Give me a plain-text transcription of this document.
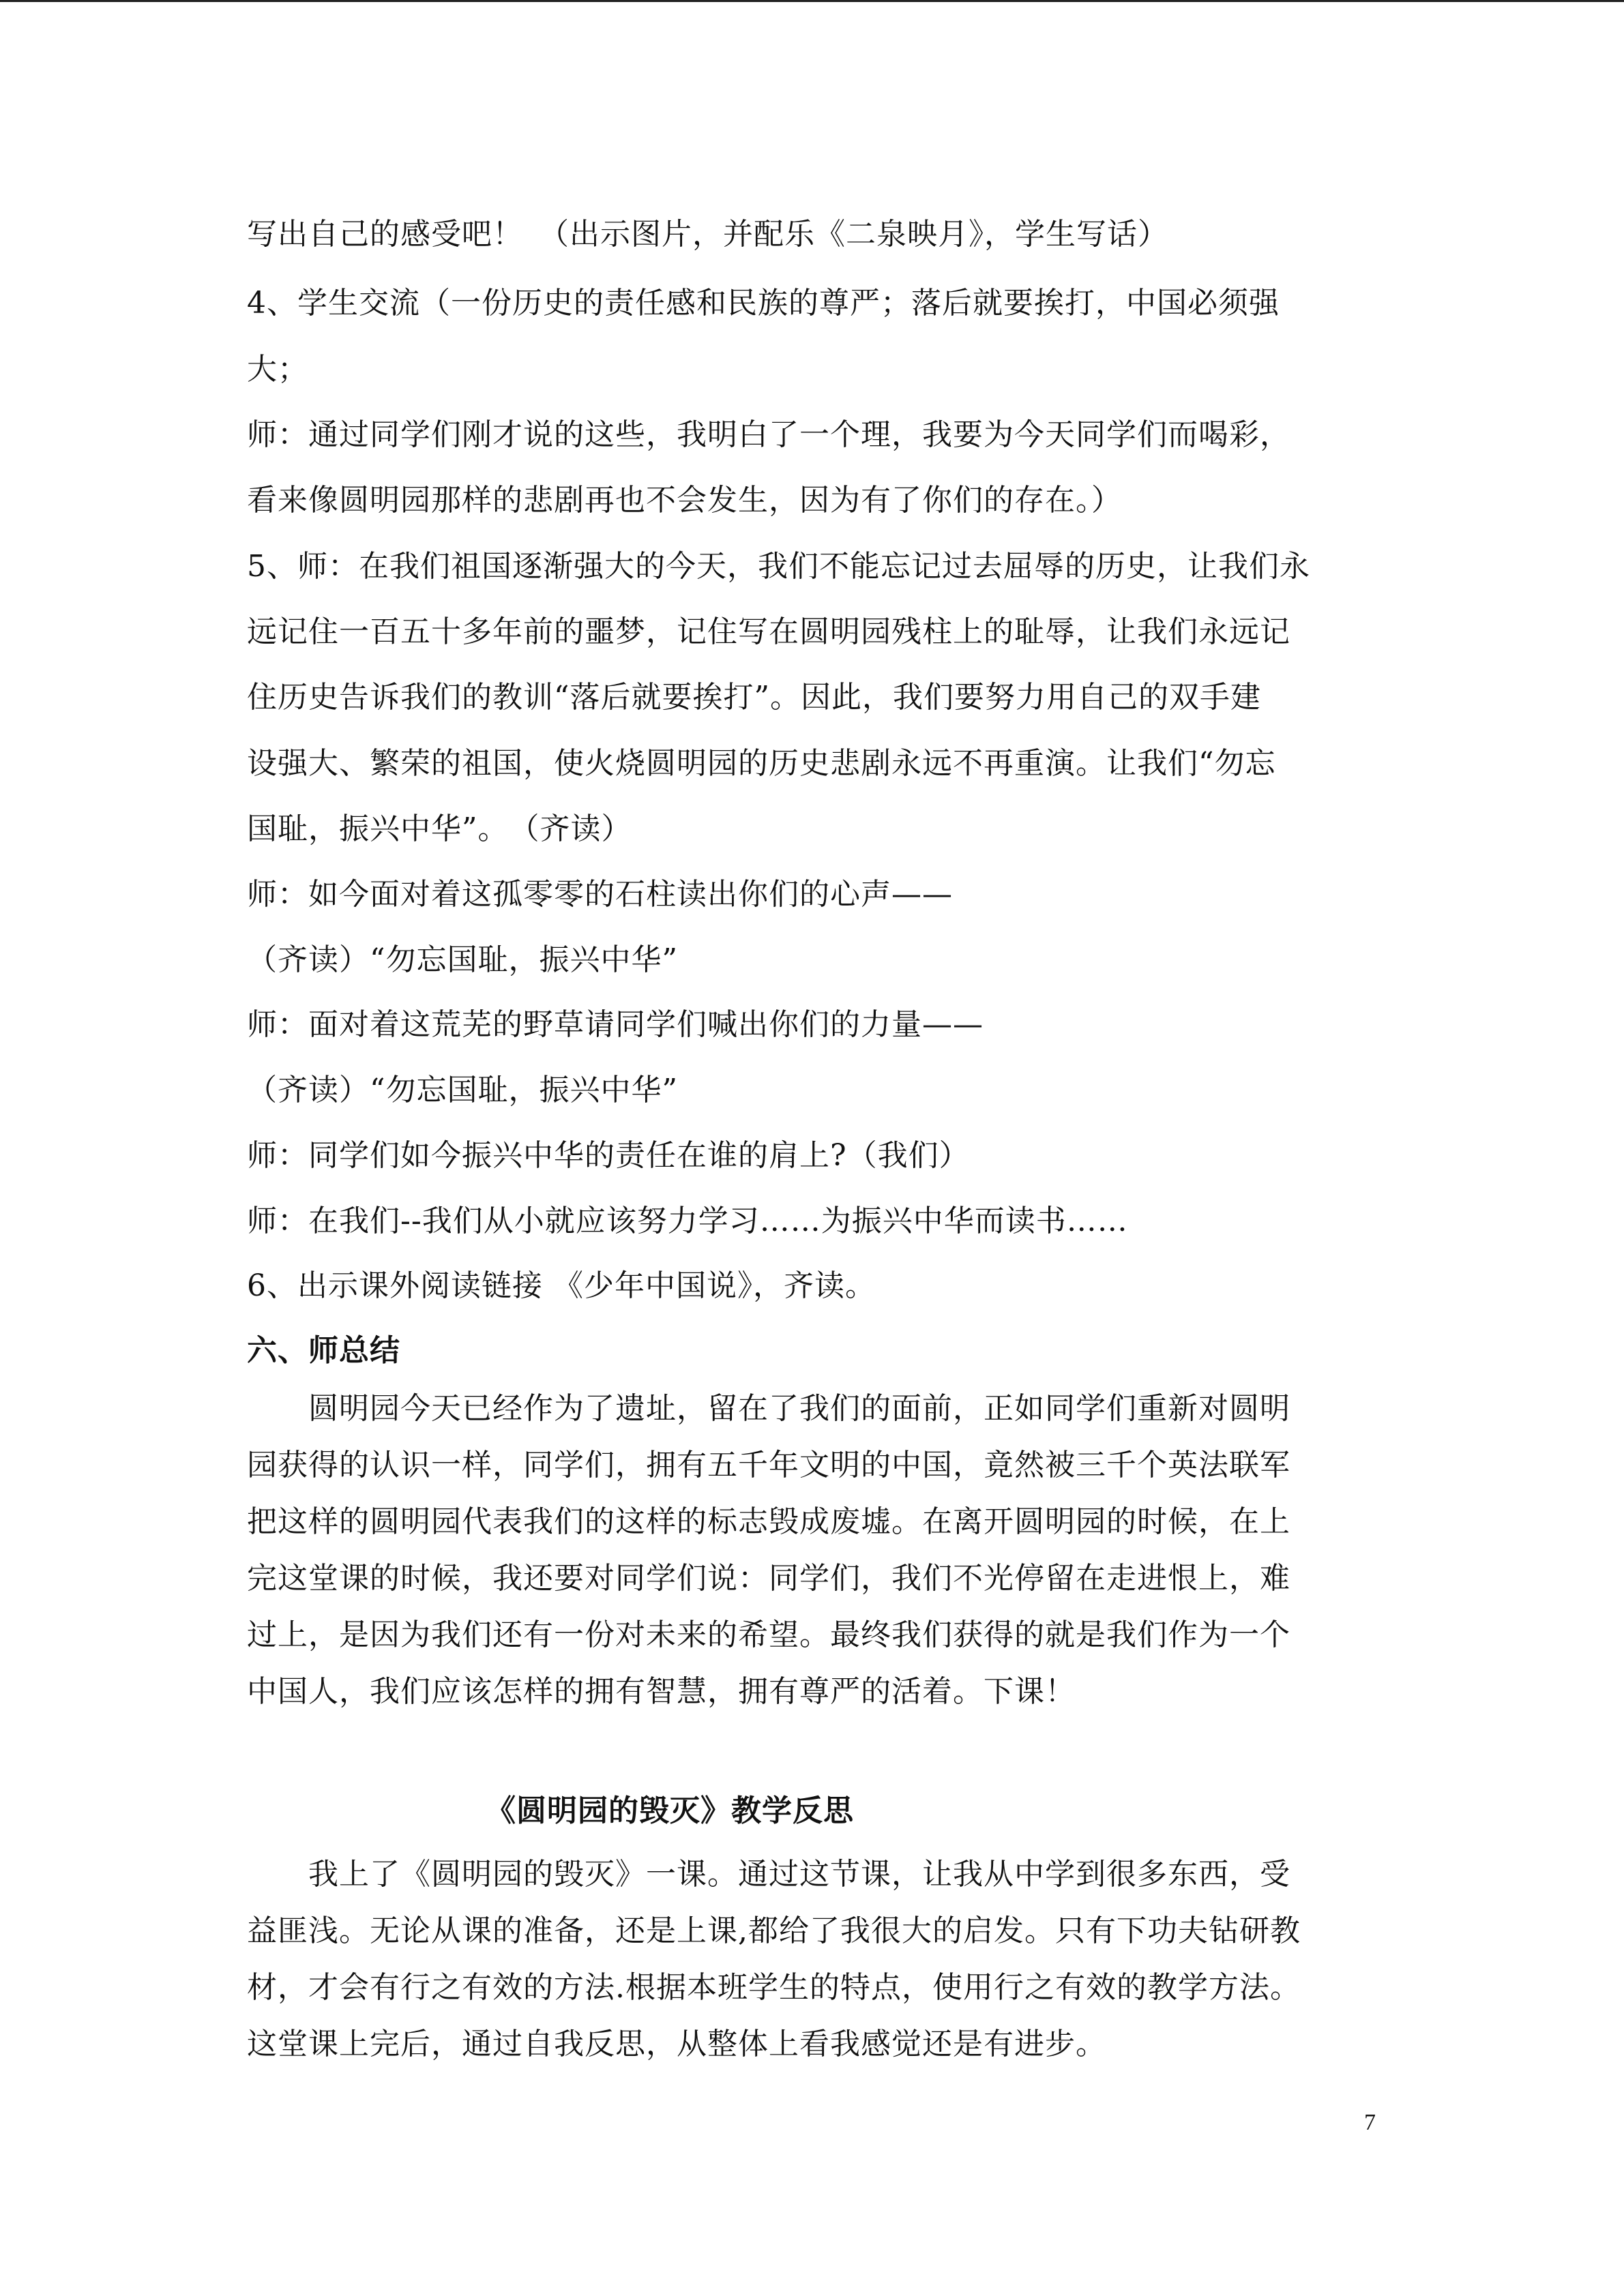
写出自己的感受吧！　（出示图片，并配乐《二泉映月》，学生写话）
4、学生交流（一份历史的责任感和民族的尊严；落后就要挨打，中国必须强
大；
师：通过同学们刚才说的这些，我明白了一个理，我要为今天同学们而喝彩，
看来像圆明园那样的悲剧再也不会发生，因为有了你们的存在。）
5、师：在我们祖国逐渐强大的今天，我们不能忘记过去屈辱的历史，让我们永
远记住一百五十多年前的噩梦，记住写在圆明园残柱上的耻辱，让我们永远记
住历史告诉我们的教训“落后就要挨打”。因此，我们要努力用自己的双手建
设强大、繁荣的祖国，使火烧圆明园的历史悲剧永远不再重演。让我们“勿忘
国耻，振兴中华”。　（齐读）
师：如今面对着这孤零零的石柱读出你们的心声——
（齐读）“勿忘国耻，振兴中华”
师：面对着这荒芜的野草请同学们喊出你们的力量——
（齐读）“勿忘国耻，振兴中华”
师：同学们如今振兴中华的责任在谁的肩上?（我们）
师：在我们--我们从小就应该努力学习……为振兴中华而读书……
6、出示课外阅读链接 《少年中国说》，齐读。
六、师总结
　　圆明园今天已经作为了遗址，留在了我们的面前，正如同学们重新对圆明
园获得的认识一样，同学们，拥有五千年文明的中国，竟然被三千个英法联军
把这样的圆明园代表我们的这样的标志毁成废墟。在离开圆明园的时候，在上
完这堂课的时候，我还要对同学们说：同学们，我们不光停留在走进恨上，难
过上，是因为我们还有一份对未来的希望。最终我们获得的就是我们作为一个
中国人，我们应该怎样的拥有智慧，拥有尊严的活着。下课！
《圆明园的毁灭》教学反思
　　我上了《圆明园的毁灭》一课。通过这节课，让我从中学到很多东西，受
益匪浅。无论从课的准备，还是上课,都给了我很大的启发。只有下功夫钻研教
材，才会有行之有效的方法.根据本班学生的特点，使用行之有效的教学方法。
这堂课上完后，通过自我反思，从整体上看我感觉还是有进步。
7
